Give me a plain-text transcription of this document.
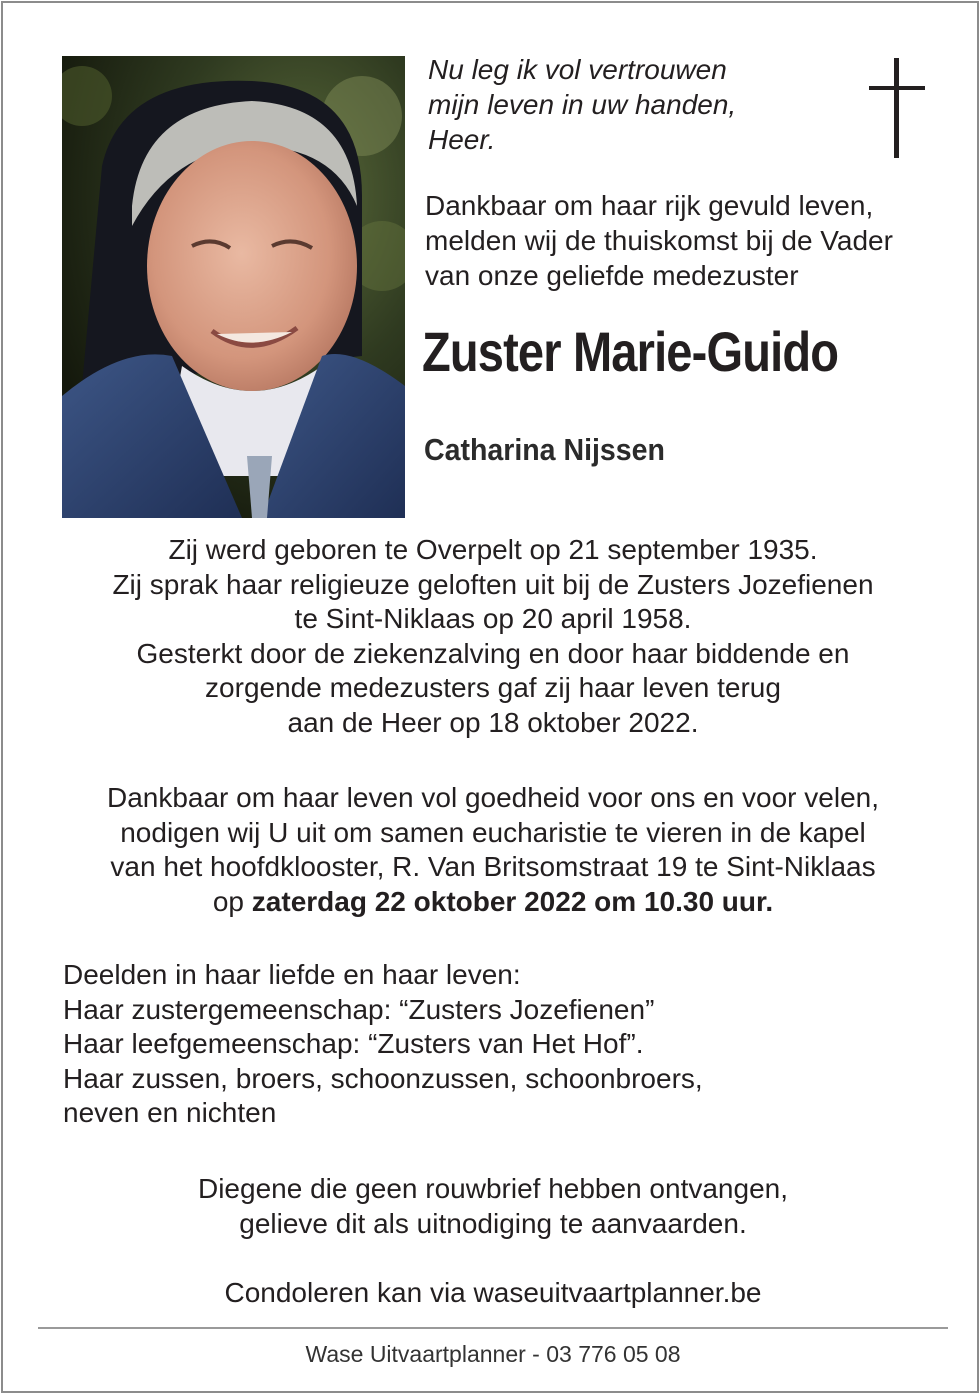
Nu leg ik vol vertrouwen
mijn leven in uw handen,
Heer.

Dankbaar om haar rijk gevuld leven,
melden wij de thuiskomst bij de Vader
van onze geliefde medezuster

Zuster Marie-Guido

Catharina Nijssen

Zij werd geboren te Overpelt op 21 september 1935.
Zij sprak haar religieuze geloften uit bij de Zusters Jozefienen
te Sint-Niklaas op 20 april 1958.
Gesterkt door de ziekenzalving en door haar biddende en
zorgende medezusters gaf zij haar leven terug
aan de Heer op 18 oktober 2022.

Dankbaar om haar leven vol goedheid voor ons en voor velen,
nodigen wij U uit om samen eucharistie te vieren in de kapel
van het hoofdklooster, R. Van Britsomstraat 19 te Sint-Niklaas
op zaterdag 22 oktober 2022 om 10.30 uur.

Deelden in haar liefde en haar leven:
Haar zustergemeenschap: “Zusters Jozefienen”
Haar leefgemeenschap: “Zusters van Het Hof”.
Haar zussen, broers, schoonzussen, schoonbroers,
neven en nichten

Diegene die geen rouwbrief hebben ontvangen,
gelieve dit als uitnodiging te aanvaarden.

Condoleren kan via waseuitvaartplanner.be

Wase Uitvaartplanner - 03 776 05 08
